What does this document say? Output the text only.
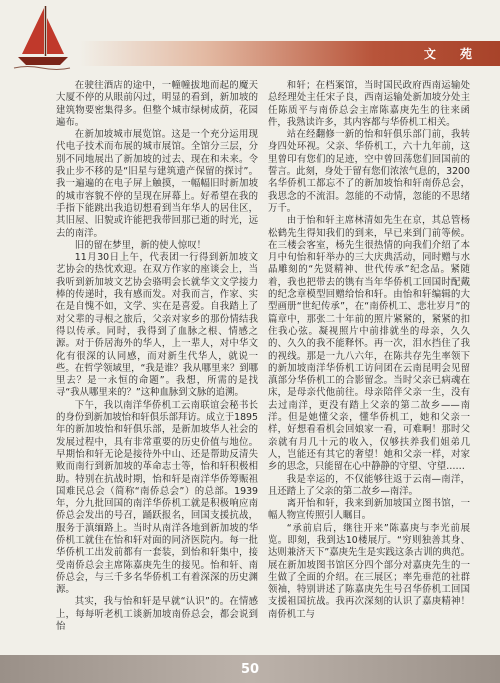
文 苑

在驶往酒店的途中，一幢幢拔地而起的魔天大厦不停的从眼前闪过，明显的看到，新加坡的建筑物要密集得多。但整个城市绿树成荫，花园遍布。

在新加坡城市展览馆。这是一个充分运用现代电子技术而布展的城市展馆。全馆分三层，分别不同地展出了新加坡的过去、现在和未来。令我止步不移的是“旧星与建筑遗产保留的探讨”。我一遍遍的在电子屏上触摸，一幅幅旧时新加坡的城市容貌不停的呈现在屏幕上。好希望在我的手指下能跳出我追切想看到当年华人的居住区，其旧屋、旧貌或许能把我带回那已逝的时光，远去的南洋。

旧的留在梦里，新的使人惊叹！

11月30日上午，代表团一行得到新加坡文艺协会的热忱欢迎。在双方作家的座谈会上，当我听到新加坡文艺协会骆明会长就华文文学接力棒的传递时，我有感而发。对我而言，作家、实在是自愧不如，文学、实在是喜爱。自我踏上了对父辈的寻根之旅后，父亲对家乡的那份情结我得以传承。同时，我得到了血脉之根、情感之源。对于侨居海外的华人，上一辈人，对中华文化有很深的认同感，而对新生代华人，就说一些。在哲学领域里，“我是谁？我从哪里来？到哪里去？是一永恒的命题”。我想，所需的是找寻“我从哪里来的？”这种血脉到文脉的追溯。

下午，我以南洋华侨机工云南联谊会秘书长的身份到新加坡怡和轩俱乐部拜访。成立于1895年的新加坡怡和轩俱乐部，是新加坡华人社会的发展过程中，具有非常重要的历史价值与地位。早期怡和轩无论是接待外中山、还是帮助反清失败而南行到新加坡的革命志士等，怡和轩积极相助。特别在抗战时期，怡和轩是南洋华侨筹赈祖国难民总会（简称“南侨总会”）的总部。1939年，分九批回国的南洋华侨机工就是积极响应南侨总会发出的号召，踊跃报名，回国支援抗战，服务于滇缅路上。当时从南洋各地到新加坡的华侨机工就住在怡和轩对面的同济医院内。每一批华侨机工出发前都有一套装，到怡和轩集中，接受南侨总会主席陈嘉庚先生的接见。怡和轩、南侨总会，与三千多名华侨机工有着深深的历史渊源。

其实，我与怡和轩是早就“认识”的。在情感上，每每听老机工谈新加坡南侨总会，都会说到怡

和轩；在档案馆，当时国民政府西南运输处总经理处主任宋子良，西南运输处新加坡分处主任陈质平与南侨总会主席陈嘉庚先生的往来函件，我熟读许多，其内容都与华侨机工相关。

站在经翻修一新的怡和轩俱乐部门前，我转身四处环视。父亲、华侨机工，六十九年前，这里曾印有您们的足迹，空中曾回荡您们回国前的誓言。此刻，身处于留有您们浓浓气息的，3200名华侨机工都忘不了的新加坡怡和轩南侨总会，我思念的不流泪。忽能的不动情，忽能的不思绪万千。

由于怡和轩主席林清如先生在京，其总管杨松鹤先生得知我们的到来，早已来到门前等候。在三楼会客室，杨先生很热情的向我们介绍了本月中旬怡和轩举办的三大庆典活动，同时赠与水晶雕刻的“先贤精神、世代传承”纪念品。紧随着，我也把带去的镌有当年华侨机工回国时配戴的纪念章模型回赠给怡和轩。由怡和轩编辑的大型画册“世纪传承”，在“南侨机工、悲壮岁月”的篇章中，那张二十年前的照片紧紧的，紧紧的扣住我心弦。凝视照片中前排就坐的母亲，久久的、久久的我不能释怀。再一次，泪水挡住了我的视线。那是一九八六年，在陈共存先生率领下的新加坡南洋华侨机工访问团在云南昆明会见留滇部分华侨机工的合影留念。当时父亲已病魂在床，是母亲代他前往。母亲陪伴父亲一生，没有去过南洋，更没有踏上父亲的第二故乡——南洋。但是她懂父亲，懂华侨机工，她和父亲一样，好想看看机会回娘家一看，可难啊！那时父亲就有月几十元的收入，仅够扶养我们姐弟几人，岂能还有其它的奢望！她和父亲一样，对家乡的思念，只能留在心中静静的守望、守望……

我是幸运的，不仅能够往返于云南—南洋，且还踏上了父亲的第二故乡—南洋。

离开怡和轩，我来到新加坡国立图书馆，一幅人物宣传照引人瞩目。

“承前启后，继往开来”陈嘉庚与李光前展览。即刻，我到达10楼展厅。“穷则独善其身、达则兼济天下”嘉庚先生是实践这条古训的典范。展在新加坡图书馆区分四个部分对嘉庚先生的一生做了全面的介绍。在三展区；率先垂范的社群领袖，特别讲述了陈嘉庚先生号召华侨机工回国支援祖国抗战。我再次深刻的认识了嘉庚精神！南侨机工与

50
